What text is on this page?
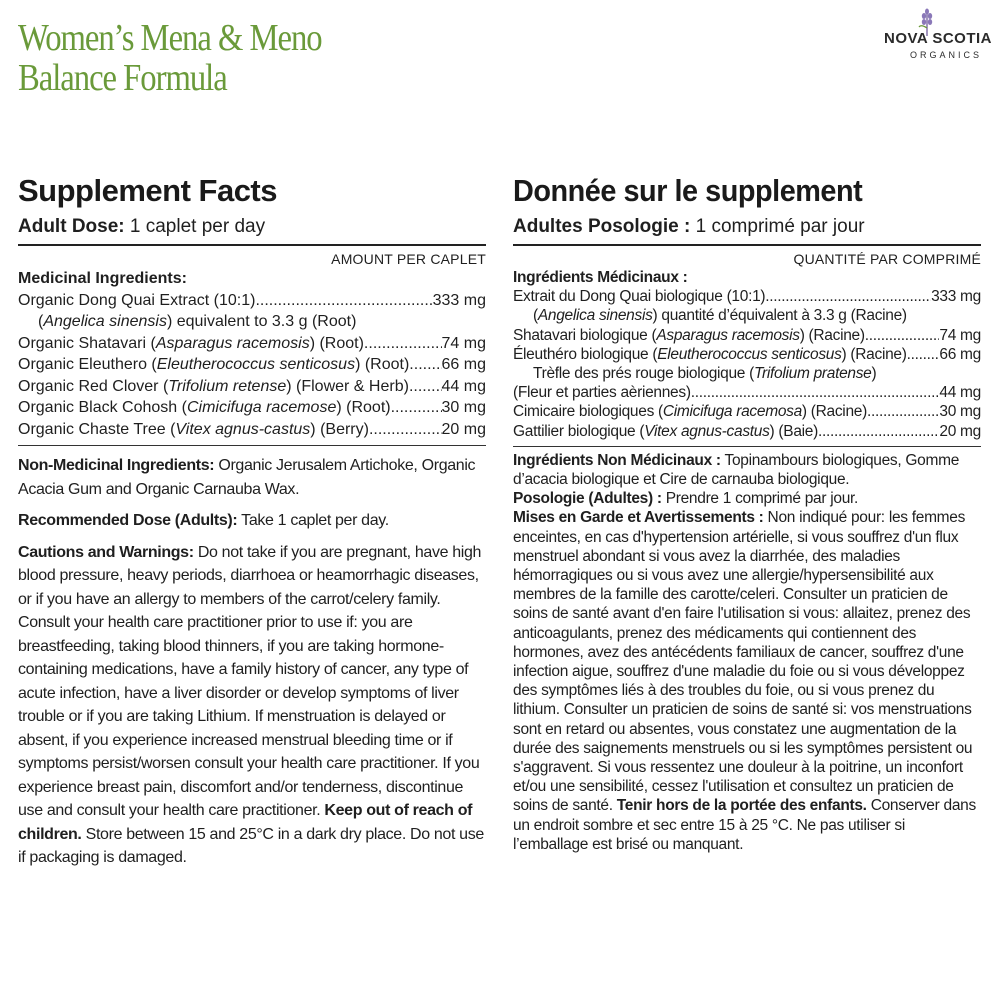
Women’s Mena & Meno
Balance Formula
NOVA SCOTIA
ORGANICS
Supplement Facts
Adult Dose: 1 caplet per day
AMOUNT PER CAPLET
Medicinal Ingredients:
Organic Dong Quai Extract (10:1) .....	333 mg
(Angelica sinensis) equivalent to 3.3 g (Root)
Organic Shatavari (Asparagus racemosis) (Root) .....	74 mg
Organic Eleuthero (Eleutherococcus senticosus) (Root) ..... 66 mg
Organic Red Clover (Trifolium retense) (Flower & Herb) ..... 44 mg
Organic Black Cohosh (Cimicifuga racemose) (Root) .....	30 mg
Organic Chaste Tree (Vitex agnus-castus) (Berry) .....	20 mg
Non-Medicinal Ingredients: Organic Jerusalem Artichoke, Organic Acacia Gum and Organic Carnauba Wax.
Recommended Dose (Adults): Take 1 caplet per day.
Cautions and Warnings: Do not take if you are pregnant, have high blood pressure, heavy periods, diarrhoea or heamorrhagic diseases, or if you have an allergy to members of the carrot/celery family. Consult your health care practitioner prior to use if: you are breastfeeding, taking blood thinners, if you are taking hormone-containing medications, have a family history of cancer, any type of acute infection, have a liver disorder or develop symptoms of liver trouble or if you are taking Lithium. If menstruation is delayed or absent, if you experience increased menstrual bleeding time or if symptoms persist/worsen consult your health care practitioner. If you experience breast pain, discomfort and/or tenderness, discontinue use and consult your health care practitioner. Keep out of reach of children. Store between 15 and 25°C in a dark dry place. Do not use if packaging is damaged.
Donnée sur le supplement
Adultes Posologie : 1 comprimé par jour
QUANTITÉ PAR COMPRIMÉ
Ingrédients Médicinaux :
Extrait du Dong Quai biologique (10:1) .....	333 mg
(Angelica sinensis) quantité d’équivalent à 3.3 g (Racine)
Shatavari biologique (Asparagus racemosis) (Racine) .....	74 mg
Éleuthéro biologique (Eleutherococcus senticosus) (Racine) ..... 66 mg
Trèfle des prés rouge biologique (Trifolium pratense)
(Fleur et parties aèriennes) .....	44 mg
Cimicaire biologiques (Cimicifuga racemosa) (Racine) .....	30 mg
Gattilier biologique (Vitex agnus-castus) (Baie) .....	20 mg
Ingrédients Non Médicinaux : Topinambours biologiques, Gomme d’acacia biologique et Cire de carnauba biologique.
Posologie (Adultes) : Prendre 1 comprimé par jour.
Mises en Garde et Avertissements : Non indiqué pour: les femmes enceintes, en cas d'hypertension artérielle, si vous souffrez d'un flux menstruel abondant si vous avez la diarrhée, des maladies hémorragiques ou si vous avez une allergie/hypersensibilité aux membres de la famille des carotte/celeri. Consulter un praticien de soins de santé avant d'en faire l'utilisation si vous: allaitez, prenez des anticoagulants, prenez des médicaments qui contiennent des hormones, avez des antécédents familiaux de cancer, souffrez d'une infection aigue, souffrez d'une maladie du foie ou si vous développez des symptômes liés à des troubles du foie, ou si vous prenez du lithium. Consulter un praticien de soins de santé si: vos menstruations sont en retard ou absentes, vous constatez une augmentation de la durée des saignements menstruels ou si les symptômes persistent ou s'aggravent. Si vous ressentez une douleur à la poitrine, un inconfort et/ou une sensibilité, cessez l'utilisation et consultez un praticien de soins de santé. Tenir hors de la portée des enfants. Conserver dans un endroit sombre et sec entre 15 à 25 °C. Ne pas utiliser si l’emballage est brisé ou manquant.
